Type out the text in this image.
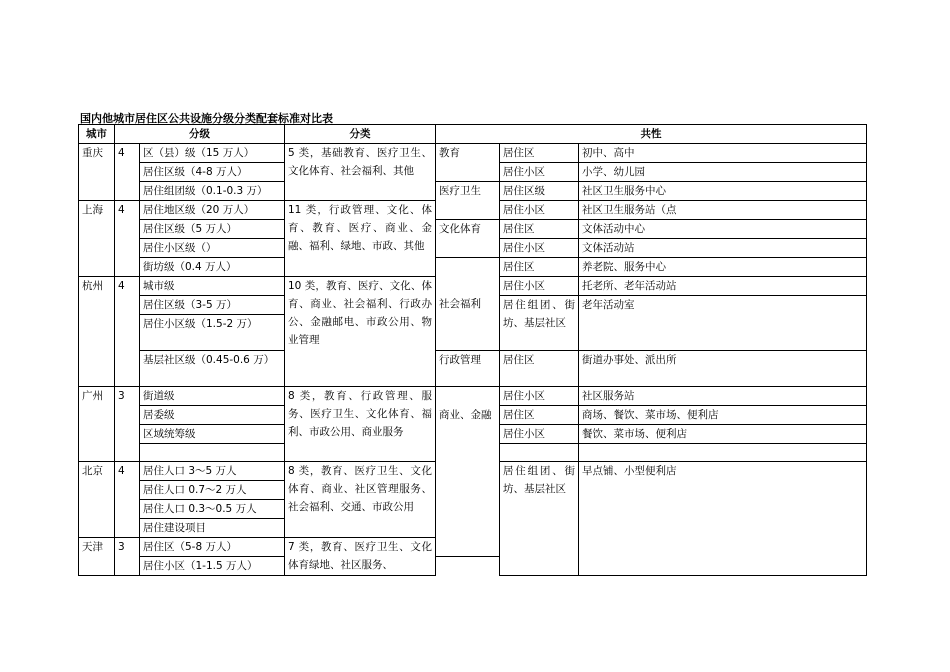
国内他城市居住区公共设施分级分类配套标准对比表
城市	分级		分类	共性		
重庆	4	区（县）级（15 万人）	5 类，基础教育、医疗卫生、文化体育、社会福利、其他	教育	居住区	初中、高中
		居住区级（4-8 万人）			居住小区	小学、幼儿园
		居住组团级（0.1-0.3 万）		医疗卫生	居住区级	社区卫生服务中心
上海	4	居住地区级（20 万人）	11 类，行政管理、文化、体育、教育、医疗、商业、金融、福利、绿地、市政、其他		居住小区	社区卫生服务站（点
		居住区级（5 万人）		文化体育	居住区	文体活动中心
		居住小区级（）			居住小区	文体活动站
		街坊级（0.4 万人）		社会福利	居住区	养老院、服务中心
杭州	4	城市级	10 类，教育、医疗、文化、体育、商业、社会福利、行政办公、金融邮电、市政公用、物业管理		居住小区	托老所、老年活动站
		居住区级（3-5 万）			居住组团、街坊、基层社区	老年活动室
		居住小区级（1.5-2 万）				
		基层社区级（0.45-0.6 万）		行政管理	居住区	街道办事处、派出所

广州	3	街道级	8 类，教育、行政管理、服务、医疗卫生、文化体育、福利、市政公用、商业服务		居住小区	社区服务站
		居委级		商业、金融	居住区	商场、餐饮、菜市场、便利店
		区域统筹级			居住小区	餐饮、菜市场、便利店

北京	4	居住人口 3～5 万人	8 类，教育、医疗卫生、文化体育、商业、社区管理服务、社会福利、交通、市政公用		居住组团、街坊、基层社区	早点铺、小型便利店
		居住人口 0.7～2 万人				
		居住人口 0.3～0.5 万人				
		居住建设项目				
天津	3	居住区（5-8 万人）	7 类，教育、医疗卫生、文化体育绿地、社区服务、			
		居住小区（1-1.5 万人）				
